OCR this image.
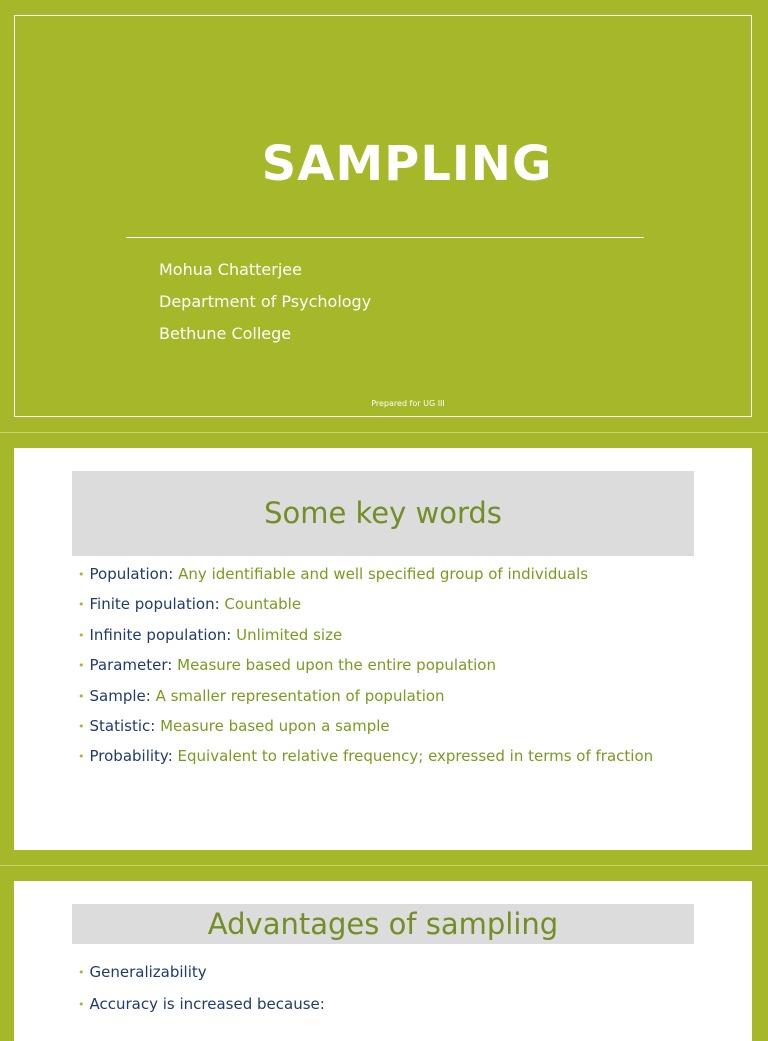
SAMPLING
Mohua Chatterjee
Department of Psychology
Bethune College
Prepared for UG III
Some key words
• Population: Any identifiable and well specified group of individuals
• Finite population: Countable
• Infinite population: Unlimited size
• Parameter: Measure based upon the entire population
• Sample: A smaller representation of population
• Statistic: Measure based upon a sample
• Probability: Equivalent to relative frequency; expressed in terms of fraction
Advantages of sampling
• Generalizability
• Accuracy is increased because:
